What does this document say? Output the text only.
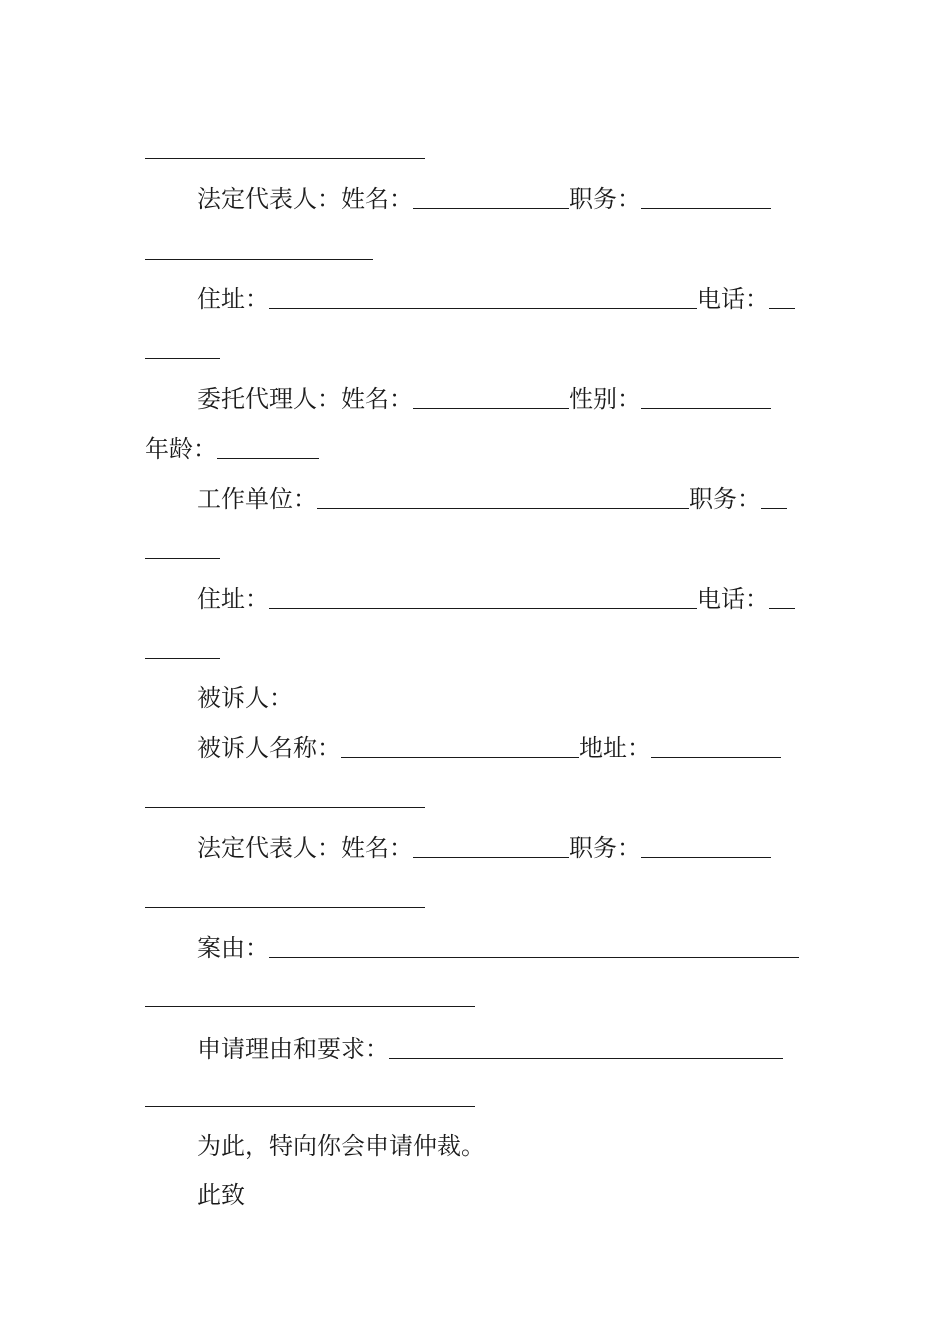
法定代表人：姓名：	职务：
住址：	电话：
委托代理人：姓名：	性别：
年龄：
工作单位：	职务：
住址：	电话：
被诉人：
被诉人名称：	地址：
法定代表人：姓名：	职务：
案由：
申请理由和要求：
为此，特向你会申请仲裁。
此致
